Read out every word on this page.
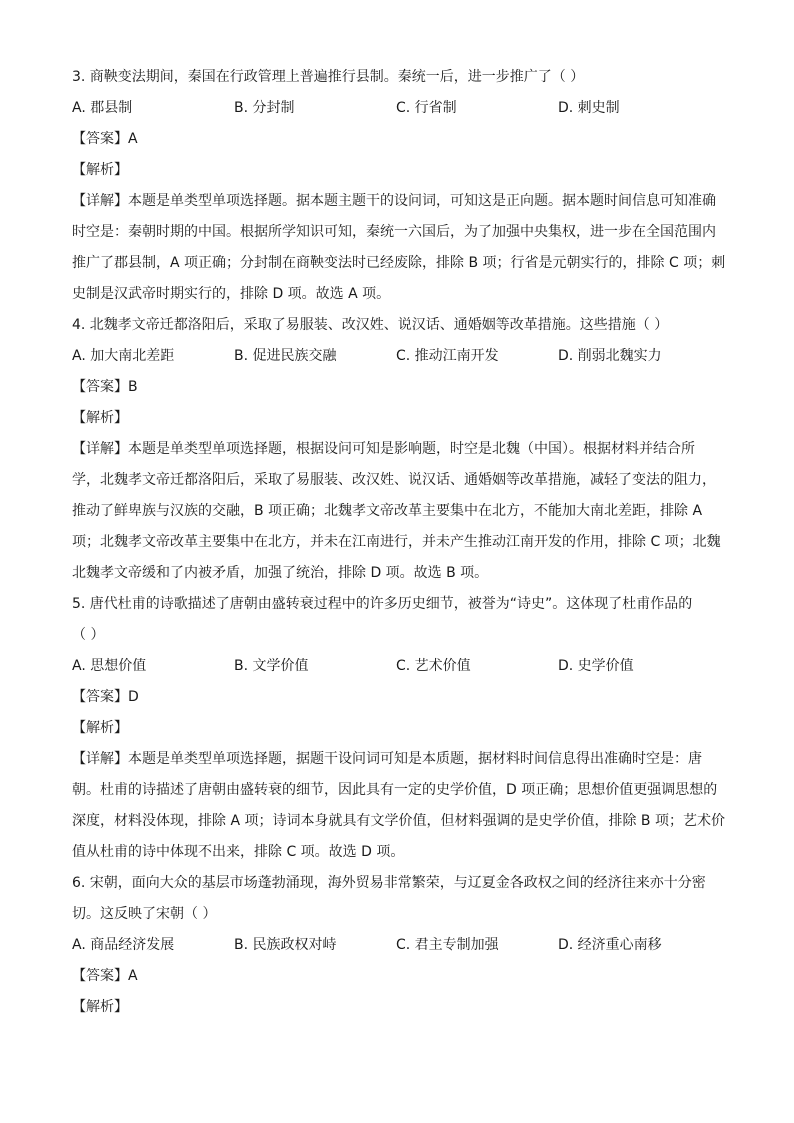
3. 商鞅变法期间，秦国在行政管理上普遍推行县制。秦统一后，进一步推广了（ ）
A. 郡县制	B. 分封制	C. 行省制	D. 刺史制
【答案】A
【解析】
【详解】本题是单类型单项选择题。据本题主题干的设问词，可知这是正向题。据本题时间信息可知准确
时空是：秦朝时期的中国。根据所学知识可知，秦统一六国后，为了加强中央集权，进一步在全国范围内
推广了郡县制，A 项正确；分封制在商鞅变法时已经废除，排除 B 项；行省是元朝实行的，排除 C 项；刺
史制是汉武帝时期实行的，排除 D 项。故选 A 项。
4. 北魏孝文帝迁都洛阳后，采取了易服装、改汉姓、说汉话、通婚姻等改革措施。这些措施（ ）
A. 加大南北差距	B. 促进民族交融	C. 推动江南开发	D. 削弱北魏实力
【答案】B
【解析】
【详解】本题是单类型单项选择题，根据设问可知是影响题，时空是北魏（中国）。根据材料并结合所
学，北魏孝文帝迁都洛阳后，采取了易服装、改汉姓、说汉话、通婚姻等改革措施，减轻了变法的阻力，
推动了鲜卑族与汉族的交融，B 项正确；北魏孝文帝改革主要集中在北方，不能加大南北差距，排除 A
项；北魏孝文帝改革主要集中在北方，并未在江南进行，并未产生推动江南开发的作用，排除 C 项；北魏
北魏孝文帝缓和了内被矛盾，加强了统治，排除 D 项。故选 B 项。
5. 唐代杜甫的诗歌描述了唐朝由盛转衰过程中的许多历史细节，被誉为“诗史”。这体现了杜甫作品的
（ ）
A. 思想价值	B. 文学价值	C. 艺术价值	D. 史学价值
【答案】D
【解析】
【详解】本题是单类型单项选择题，据题干设问词可知是本质题，据材料时间信息得出准确时空是：唐
朝。杜甫的诗描述了唐朝由盛转衰的细节，因此具有一定的史学价值，D 项正确；思想价值更强调思想的
深度，材料没体现，排除 A 项；诗词本身就具有文学价值，但材料强调的是史学价值，排除 B 项；艺术价
值从杜甫的诗中体现不出来，排除 C 项。故选 D 项。
6. 宋朝，面向大众的基层市场蓬勃涌现，海外贸易非常繁荣，与辽夏金各政权之间的经济往来亦十分密
切。这反映了宋朝（ ）
A. 商品经济发展	B. 民族政权对峙	C. 君主专制加强	D. 经济重心南移
【答案】A
【解析】
